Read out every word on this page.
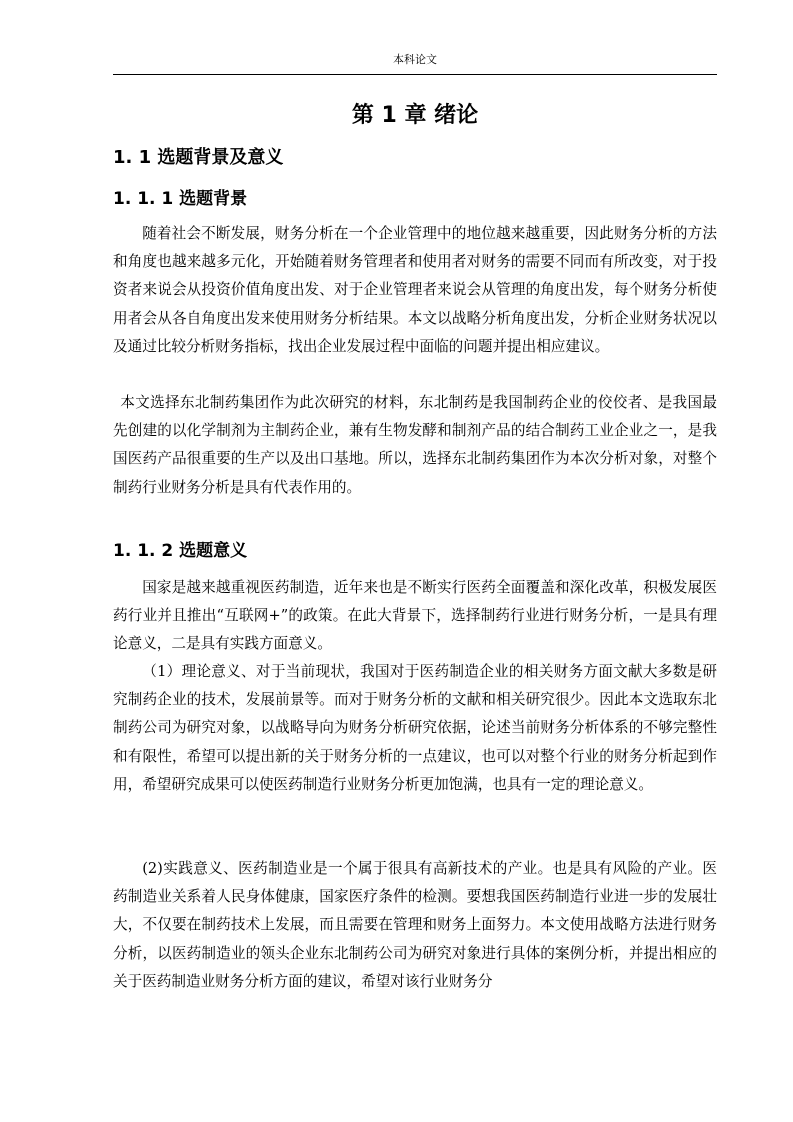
本科论文
第 1 章 绪论
1. 1 选题背景及意义
1. 1. 1 选题背景

随着社会不断发展，财务分析在一个企业管理中的地位越来越重要，因此财务分析的方法和角度也越来越多元化，开始随着财务管理者和使用者对财务的需要不同而有所改变，对于投资者来说会从投资价值角度出发、对于企业管理者来说会从管理的角度出发，每个财务分析使用者会从各自角度出发来使用财务分析结果。本文以战略分析角度出发，分析企业财务状况以及通过比较分析财务指标，找出企业发展过程中面临的问题并提出相应建议。

本文选择东北制药集团作为此次研究的材料，东北制药是我国制药企业的佼佼者、是我国最先创建的以化学制剂为主制药企业，兼有生物发酵和制剂产品的结合制药工业企业之一，是我国医药产品很重要的生产以及出口基地。所以，选择东北制药集团作为本次分析对象，对整个制药行业财务分析是具有代表作用的。

1. 1. 2 选题意义

国家是越来越重视医药制造，近年来也是不断实行医药全面覆盖和深化改革，积极发展医药行业并且推出“互联网+”的政策。在此大背景下，选择制药行业进行财务分析，一是具有理论意义，二是具有实践方面意义。

（1）理论意义、对于当前现状，我国对于医药制造企业的相关财务方面文献大多数是研究制药企业的技术，发展前景等。而对于财务分析的文献和相关研究很少。因此本文选取东北制药公司为研究对象，以战略导向为财务分析研究依据，论述当前财务分析体系的不够完整性和有限性，希望可以提出新的关于财务分析的一点建议，也可以对整个行业的财务分析起到作用，希望研究成果可以使医药制造行业财务分析更加饱满，也具有一定的理论意义。

(2)实践意义、医药制造业是一个属于很具有高新技术的产业。也是具有风险的产业。医药制造业关系着人民身体健康，国家医疗条件的检测。要想我国医药制造行业进一步的发展壮大，不仅要在制药技术上发展，而且需要在管理和财务上面努力。本文使用战略方法进行财务分析，以医药制造业的领头企业东北制药公司为研究对象进行具体的案例分析，并提出相应的关于医药制造业财务分析方面的建议，希望对该行业财务分
